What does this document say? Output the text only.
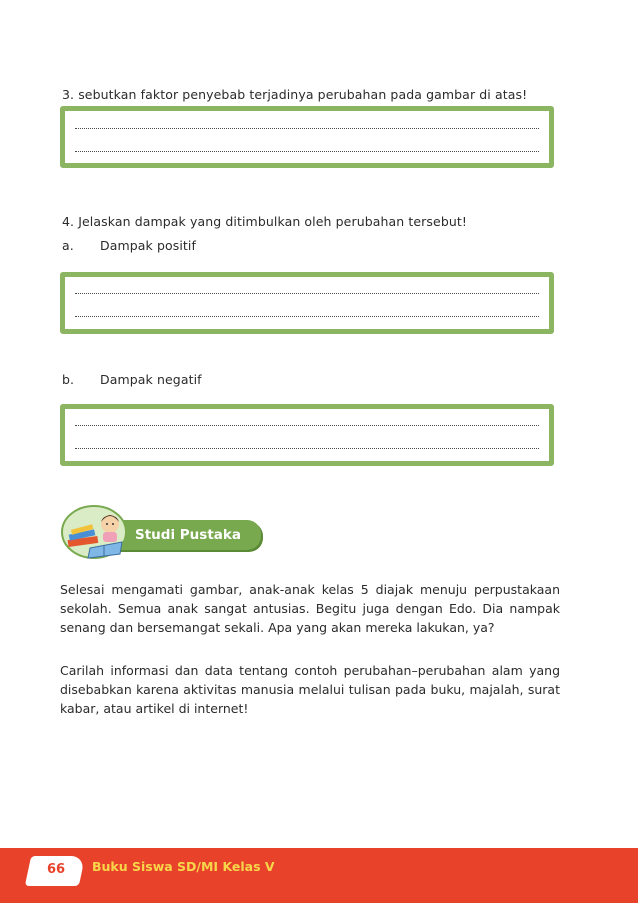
3. sebutkan faktor penyebab terjadinya perubahan pada gambar di atas!
4. Jelaskan dampak yang ditimbulkan oleh perubahan tersebut!
a. Dampak positif
b. Dampak negatif
Studi Pustaka
Selesai mengamati gambar, anak-anak kelas 5 diajak menuju perpustakaan sekolah. Semua anak sangat antusias. Begitu juga dengan Edo. Dia nampak senang dan bersemangat sekali. Apa yang akan mereka lakukan, ya?
Carilah informasi dan data tentang contoh perubahan–perubahan alam yang disebabkan karena aktivitas manusia melalui tulisan pada buku, majalah, surat kabar, atau artikel di internet!
66	Buku Siswa SD/MI Kelas V
